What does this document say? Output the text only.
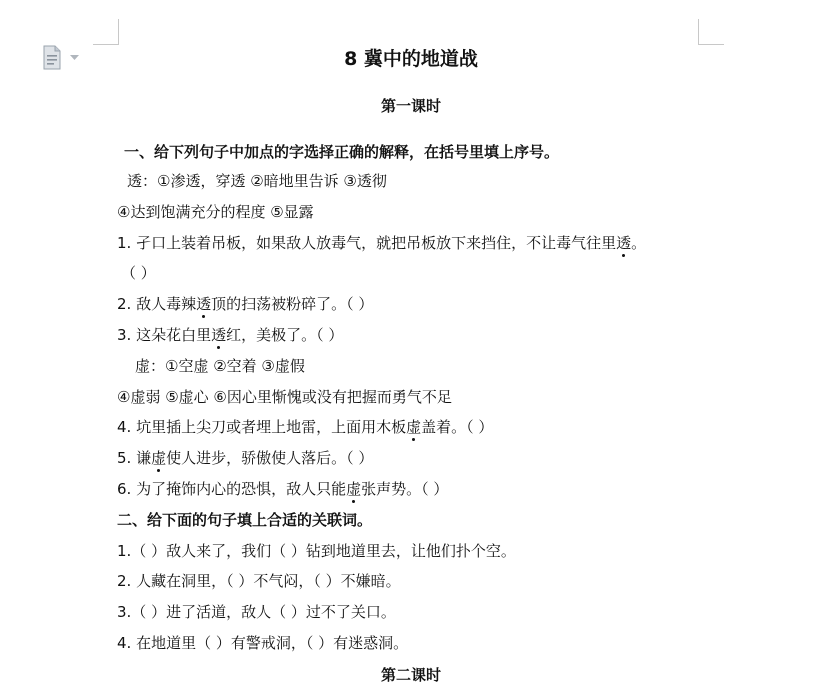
8 冀中的地道战
第一课时
一、给下列句子中加点的字选择正确的解释，在括号里填上序号。
透：①渗透，穿透 ②暗地里告诉 ③透彻
④达到饱满充分的程度 ⑤显露
1. 孑口上装着吊板，如果敌人放毒气，就把吊板放下来挡住，不让毒气往里透。
（ ）
2. 敌人毒辣透顶的扫荡被粉碎了。（ ）
3. 这朵花白里透红，美极了。（ ）
虚：①空虚 ②空着 ③虚假
④虚弱 ⑤虚心 ⑥因心里惭愧或没有把握而勇气不足
4. 坑里插上尖刀或者埋上地雷，上面用木板虚盖着。（ ）
5. 谦虚使人进步，骄傲使人落后。（ ）
6. 为了掩饰内心的恐惧，敌人只能虚张声势。（ ）
二、给下面的句子填上合适的关联词。
1.（ ）敌人来了，我们（ ）钻到地道里去，让他们扑个空。
2. 人藏在洞里，（ ）不气闷，（ ）不嫌暗。
3.（ ）进了活道，敌人（ ）过不了关口。
4. 在地道里（ ）有警戒洞，（ ）有迷惑洞。
第二课时
